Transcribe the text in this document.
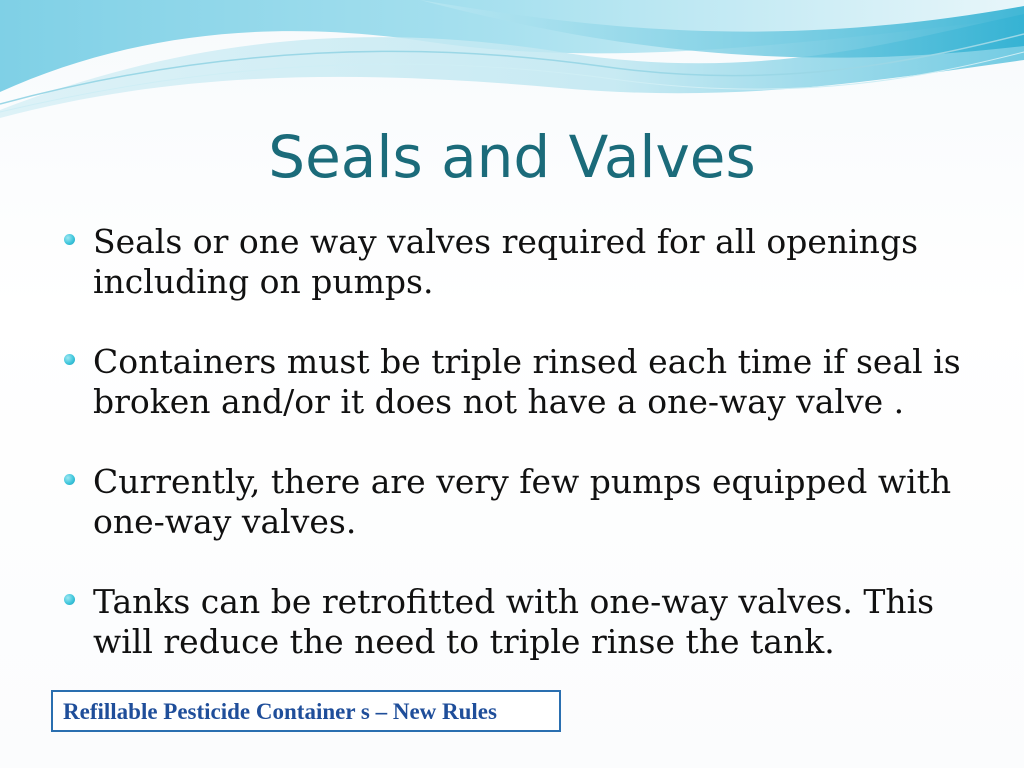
Seals and Valves
Seals or one way valves required for all openings including on pumps.
Containers must be triple rinsed each time if seal is broken and/or it does not have a one-way valve .
Currently, there are very few pumps equipped with one-way valves.
Tanks can be retrofitted with one-way valves. This will reduce the need to triple rinse the tank.
Refillable Pesticide Container s – New Rules
